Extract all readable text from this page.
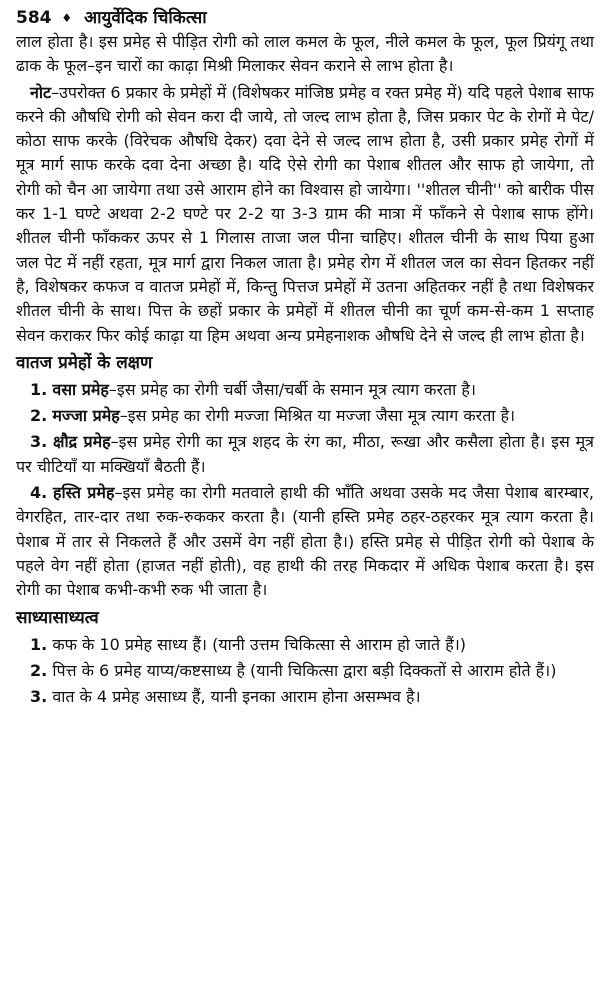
584 ♦ आयुर्वेदिक चिकित्सा

लाल होता है। इस प्रमेह से पीड़ित रोगी को लाल कमल के फूल, नीले कमल के फूल, फूल प्रियंगू तथा ढाक के फूल–इन चारों का काढ़ा मिश्री मिलाकर सेवन कराने से लाभ होता है।

नोट–उपरोक्त 6 प्रकार के प्रमेहों में (विशेषकर मांजिष्ठ प्रमेह व रक्त प्रमेह में) यदि पहले पेशाब साफ करने की औषधि रोगी को सेवन करा दी जाये, तो जल्द लाभ होता है, जिस प्रकार पेट के रोगों मे पेट/कोठा साफ करके (विरेचक औषधि देकर) दवा देने से जल्द लाभ होता है, उसी प्रकार प्रमेह रोगों में मूत्र मार्ग साफ करके दवा देना अच्छा है। यदि ऐसे रोगी का पेशाब शीतल और साफ हो जायेगा, तो रोगी को चैन आ जायेगा तथा उसे आराम होने का विश्वास हो जायेगा। ''शीतल चीनी'' को बारीक पीस कर 1-1 घण्टे अथवा 2-2 घण्टे पर 2-2 या 3-3 ग्राम की मात्रा में फाँकने से पेशाब साफ होंगे। शीतल चीनी फाँककर ऊपर से 1 गिलास ताजा जल पीना चाहिए। शीतल चीनी के साथ पिया हुआ जल पेट में नहीं रहता, मूत्र मार्ग द्वारा निकल जाता है। प्रमेह रोग में शीतल जल का सेवन हितकर नहीं है, विशेषकर कफज व वातज प्रमेहों में, किन्तु पित्तज प्रमेहों में उतना अहितकर नहीं है तथा विशेषकर शीतल चीनी के साथ। पित्त के छहों प्रकार के प्रमेहों में शीतल चीनी का चूर्ण कम-से-कम 1 सप्ताह सेवन कराकर फिर कोई काढ़ा या हिम अथवा अन्य प्रमेहनाशक औषधि देने से जल्द ही लाभ होता है।

वातज प्रमेहों के लक्षण

1. वसा प्रमेह–इस प्रमेह का रोगी चर्बी जैसा/चर्बी के समान मूत्र त्याग करता है।

2. मज्जा प्रमेह–इस प्रमेह का रोगी मज्जा मिश्रित या मज्जा जैसा मूत्र त्याग करता है।

3. क्षौद्र प्रमेह–इस प्रमेह रोगी का मूत्र शहद के रंग का, मीठा, रूखा और कसैला होता है। इस मूत्र पर चीटियाँ या मक्खियाँ बैठती हैं।

4. हस्ति प्रमेह–इस प्रमेह का रोगी मतवाले हाथी की भाँति अथवा उसके मद जैसा पेशाब बारम्बार, वेगरहित, तार-दार तथा रुक-रुककर करता है। (यानी हस्ति प्रमेह ठहर-ठहरकर मूत्र त्याग करता है। पेशाब में तार से निकलते हैं और उसमें वेग नहीं होता है।) हस्ति प्रमेह से पीड़ित रोगी को पेशाब के पहले वेग नहीं होता (हाजत नहीं होती), वह हाथी की तरह मिकदार में अधिक पेशाब करता है। इस रोगी का पेशाब कभी-कभी रुक भी जाता है।

साध्यासाध्यत्व

1. कफ के 10 प्रमेह साध्य हैं। (यानी उत्तम चिकित्सा से आराम हो जाते हैं।)

2. पित्त के 6 प्रमेह याप्य/कष्टसाध्य है (यानी चिकित्सा द्वारा बड़ी दिक्कतों से आराम होते हैं।)

3. वात के 4 प्रमेह असाध्य हैं, यानी इनका आराम होना असम्भव है।
